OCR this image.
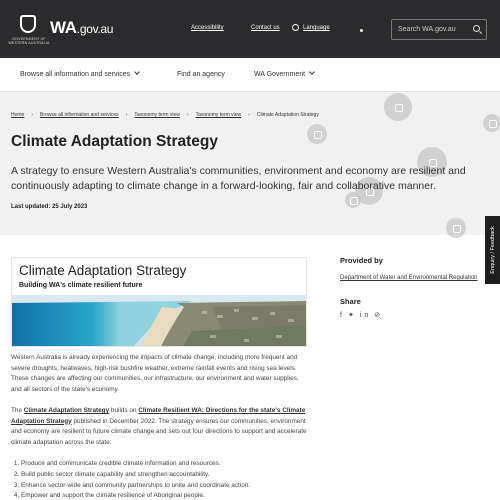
GOVERNMENT OF WESTERN AUSTRALIA
WA.gov.au	Accessibility	Contact us	Language	Search WA.gov.au
Browse all information and services	Find an agency	WA Government
Home › Browse all information and services › Taxonomy term view › Taxonomy term view › Climate Adaptation Strategy
Climate Adaptation Strategy

A strategy to ensure Western Australia's communities, environment and economy are resilient and continuously adapting to climate change in a forward-looking, fair and collaborative manner.

Last updated: 25 July 2023
Enquiry / Feedback
Climate Adaptation Strategy
Building WA's climate resilient future

Western Australia is already experiencing the impacts of climate change, including more frequent and severe droughts, heatwaves, high-risk bushfire weather, extreme rainfall events and rising sea levels. These changes are affecting our communities, our infrastructure, our environment and water supplies, and all sectors of the state's economy.

The Climate Adaptation Strategy builds on Climate Resilient WA: Directions for the state's Climate Adaptation Strategy published in December 2022. The strategy ensures our communities, environment and economy are resilient to future climate change and sets out four directions to support and accelerate climate adaptation across the state:

1. Produce and communicate credible climate information and resources.
2. Build public sector climate capability and strengthen accountability.
3. Enhance sector-wide and community partnerships to unite and coordinate action.
4. Empower and support the climate resilience of Aboriginal people.
Provided by
Department of Water and Environmental Regulation
Share
f ✦ in ⊘
